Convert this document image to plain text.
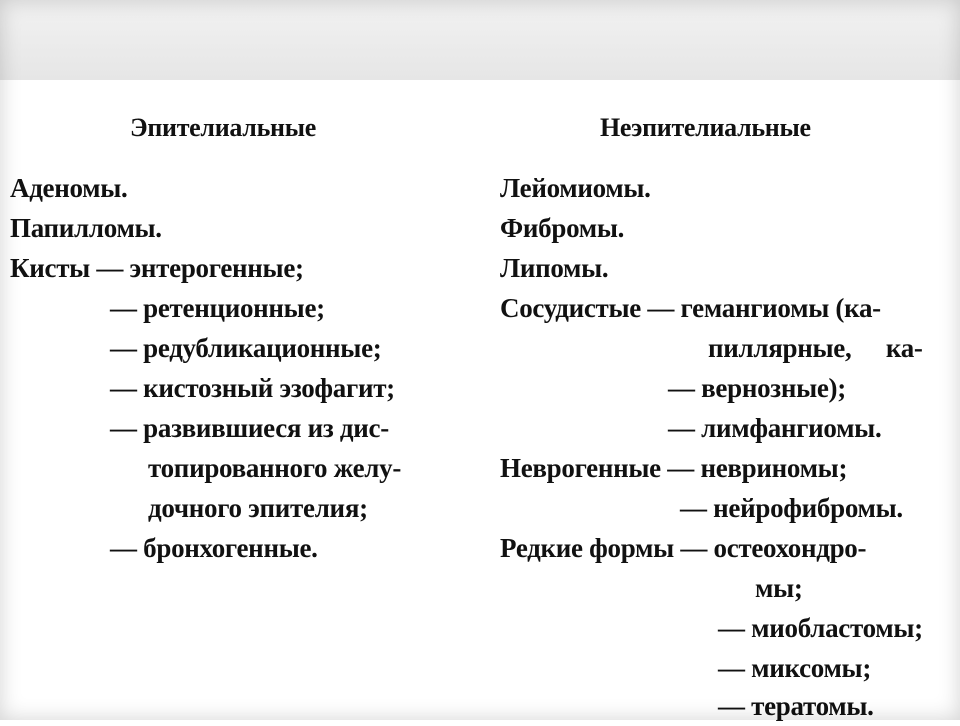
Эпителиальные
Аденомы.
Папилломы.
Кисты — энтерогенные;
— ретенционные;
— редубликационные;
— кистозный эзофагит;
— развившиеся из дис-
топированного желу-
дочного эпителия;
— бронхогенные.
Неэпителиальные
Лейомиомы.
Фибромы.
Липомы.
Сосудистые — гемангиомы (ка-
пиллярные, ка-
— вернозные);
— лимфангиомы.
Неврогенные — невриномы;
— нейрофибромы.
Редкие формы — остеохондро-
мы;
— миобластомы;
— миксомы;
— тератомы.
